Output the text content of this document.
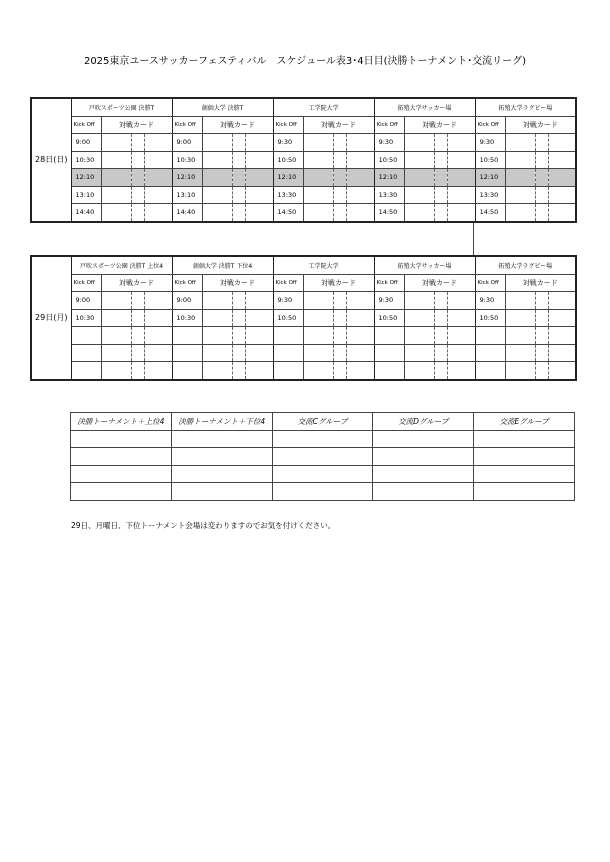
2025東京ユースサッカーフェスティバル　スケジュール表3･4日目(決勝トーナメント･交流リーグ)
28日(日)	戸吹スポーツ公園 決勝T				創価大学 決勝T				工学院大学				拓殖大学サッカー場				拓殖大学ラグビー場			
	Kick Off	対戦カード			Kick Off	対戦カード			Kick Off	対戦カード			Kick Off	対戦カード			Kick Off	対戦カード		
	9:00				9:00				9:30				9:30				9:30			
	10:30				10:30				10:50				10:50				10:50			
	12:10				12:10				12:10				12:10				12:10			
	13:10				13:10				13:30				13:30				13:30			
	14:40				14:40				14:50				14:50				14:50			
29日(月)	戸吹スポーツ公園 決勝T 上位4				創価大学 決勝T 下位4				工学院大学				拓殖大学サッカー場				拓殖大学ラグビー場			
	Kick Off	対戦カード			Kick Off	対戦カード			Kick Off	対戦カード			Kick Off	対戦カード			Kick Off	対戦カード		
	9:00				9:00				9:30				9:30				9:30			
	10:30				10:30				10:50				10:50				10:50			

決勝トーナメント＋上位4	決勝トーナメント＋下位4	交流Cグループ	交流Dグループ	交流Eグループ

29日、月曜日、下位トーナメント会場は変わりますのでお気を付けください。
